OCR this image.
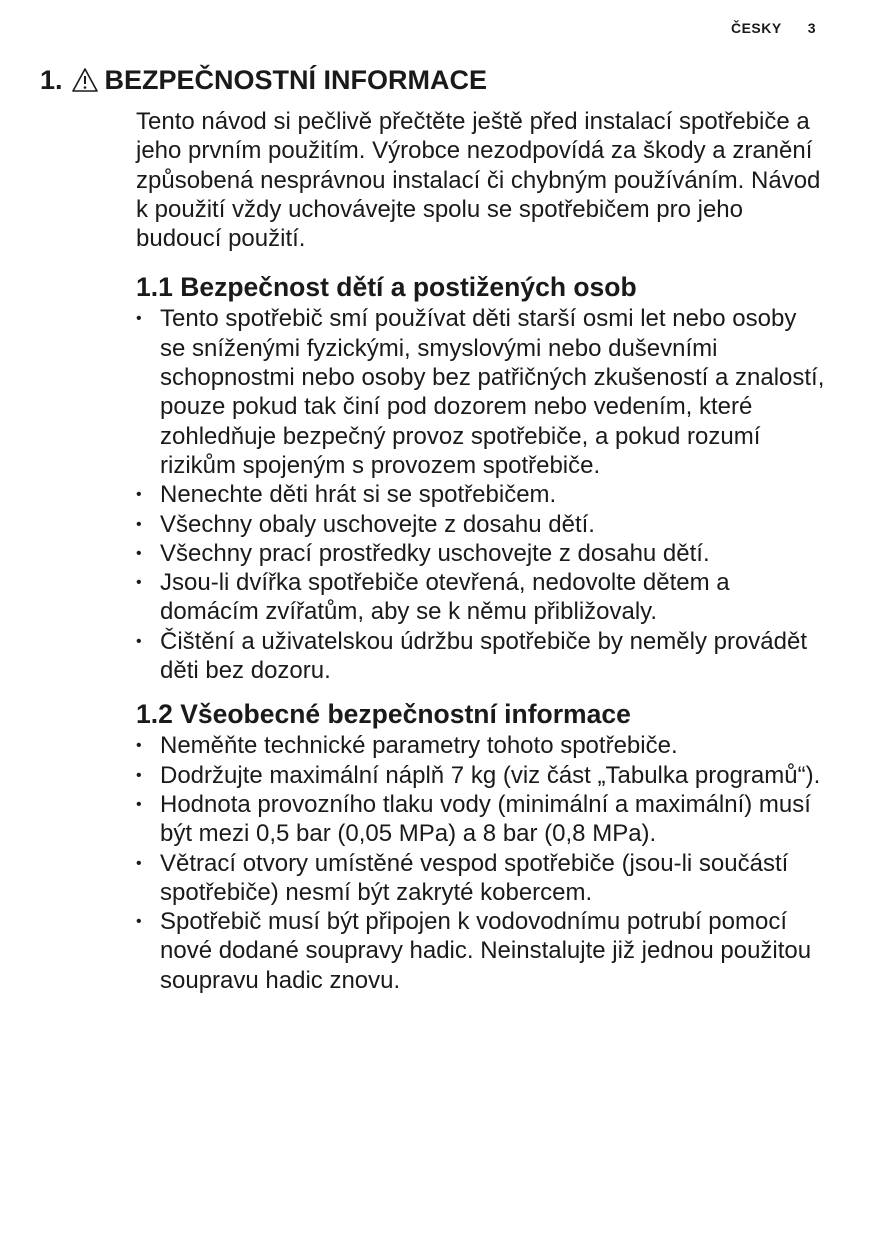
ČESKY 3
1. BEZPEČNOSTNÍ INFORMACE

Tento návod si pečlivě přečtěte ještě před instalací spotřebiče a jeho prvním použitím. Výrobce nezodpovídá za škody a zranění způsobená nesprávnou instalací či chybným používáním. Návod k použití vždy uchovávejte spolu se spotřebičem pro jeho budoucí použití.

1.1 Bezpečnost dětí a postižených osob
• Tento spotřebič smí používat děti starší osmi let nebo osoby se sníženými fyzickými, smyslovými nebo duševními schopnostmi nebo osoby bez patřičných zkušeností a znalostí, pouze pokud tak činí pod dozorem nebo vedením, které zohledňuje bezpečný provoz spotřebiče, a pokud rozumí rizikům spojeným s provozem spotřebiče.
• Nenechte děti hrát si se spotřebičem.
• Všechny obaly uschovejte z dosahu dětí.
• Všechny prací prostředky uschovejte z dosahu dětí.
• Jsou-li dvířka spotřebiče otevřená, nedovolte dětem a domácím zvířatům, aby se k němu přibližovaly.
• Čištění a uživatelskou údržbu spotřebiče by neměly provádět děti bez dozoru.
1.2 Všeobecné bezpečnostní informace
• Neměňte technické parametry tohoto spotřebiče.
• Dodržujte maximální náplň 7 kg (viz část „Tabulka programů“).
• Hodnota provozního tlaku vody (minimální a maximální) musí být mezi 0,5 bar (0,05 MPa) a 8 bar (0,8 MPa).
• Větrací otvory umístěné vespod spotřebiče (jsou-li součástí spotřebiče) nesmí být zakryté kobercem.
• Spotřebič musí být připojen k vodovodnímu potrubí pomocí nové dodané soupravy hadic. Neinstalujte již jednou použitou soupravu hadic znovu.
